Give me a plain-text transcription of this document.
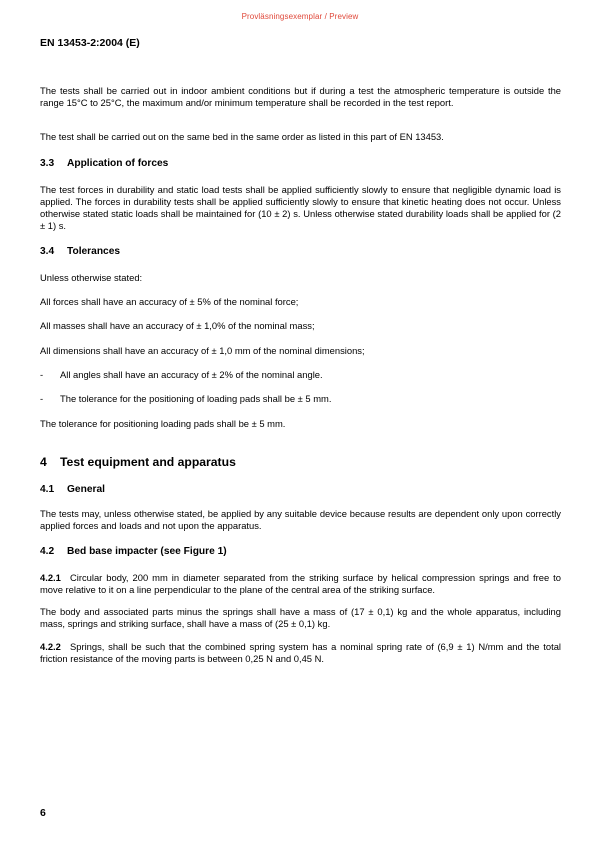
Provläsningsexemplar / Preview
EN 13453-2:2004 (E)

The tests shall be carried out in indoor ambient conditions but if during a test the atmospheric temperature is outside the range 15°C to 25°C, the maximum and/or minimum temperature shall be recorded in the test report.

The test shall be carried out on the same bed in the same order as listed in this part of EN 13453.

3.3 Application of forces

The test forces in durability and static load tests shall be applied sufficiently slowly to ensure that negligible dynamic load is applied. The forces in durability tests shall be applied sufficiently slowly to ensure that kinetic heating does not occur. Unless otherwise stated static loads shall be maintained for (10 ± 2) s. Unless otherwise stated durability loads shall be applied for (2 ± 1) s.

3.4 Tolerances

Unless otherwise stated:

All forces shall have an accuracy of ± 5% of the nominal force;

All masses shall have an accuracy of ± 1,0% of the nominal mass;

All dimensions shall have an accuracy of ± 1,0 mm of the nominal dimensions;

- All angles shall have an accuracy of ± 2% of the nominal angle.
- The tolerance for the positioning of loading pads shall be ± 5 mm.

The tolerance for positioning loading pads shall be ± 5 mm.

4 Test equipment and apparatus
4.1 General

The tests may, unless otherwise stated, be applied by any suitable device because results are dependent only upon correctly applied forces and loads and not upon the apparatus.

4.2 Bed base impacter (see Figure 1)

4.2.1 Circular body, 200 mm in diameter separated from the striking surface by helical compression springs and free to move relative to it on a line perpendicular to the plane of the central area of the striking surface.

The body and associated parts minus the springs shall have a mass of (17 ± 0,1) kg and the whole apparatus, including mass, springs and striking surface, shall have a mass of (25 ± 0,1) kg.

4.2.2 Springs, shall be such that the combined spring system has a nominal spring rate of (6,9 ± 1) N/mm and the total friction resistance of the moving parts is between 0,25 N and 0,45 N.

6
